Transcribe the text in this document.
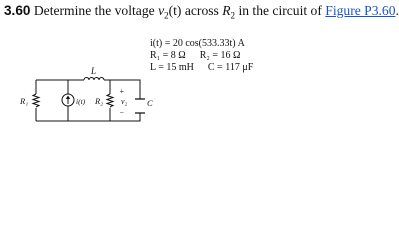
3.60 Determine the voltage $v_2(t)$ across $R_2$ in the circuit of Figure P3.60.
i(t) = 20 cos(533.33t) A
R₁ = 8 Ω R₂ = 16 Ω
L = 15 mH C = 117 μF
L
R₁	i(t) R₂
+
v₂
−
C
